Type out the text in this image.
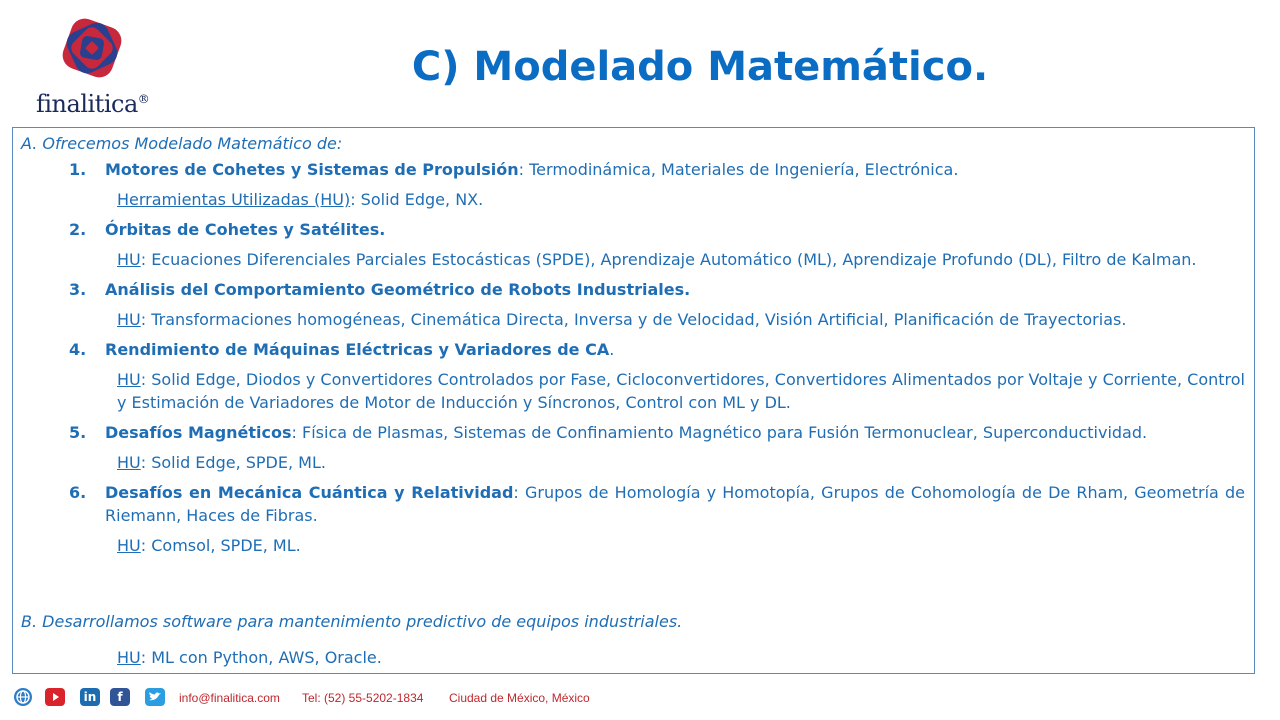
finalitica®
C) Modelado Matemático.
A. Ofrecemos Modelado Matemático de:
1. Motores de Cohetes y Sistemas de Propulsión: Termodinámica, Materiales de Ingeniería, Electrónica.
Herramientas Utilizadas (HU): Solid Edge, NX.
2. Órbitas de Cohetes y Satélites.
HU: Ecuaciones Diferenciales Parciales Estocásticas (SPDE), Aprendizaje Automático (ML), Aprendizaje Profundo (DL), Filtro de Kalman.
3. Análisis del Comportamiento Geométrico de Robots Industriales.
HU: Transformaciones homogéneas, Cinemática Directa, Inversa y de Velocidad, Visión Artificial, Planificación de Trayectorias.
4. Rendimiento de Máquinas Eléctricas y Variadores de CA.
HU: Solid Edge, Diodos y Convertidores Controlados por Fase, Cicloconvertidores, Convertidores Alimentados por Voltaje y Corriente, Control y Estimación de Variadores de Motor de Inducción y Síncronos, Control con ML y DL.
5. Desafíos Magnéticos: Física de Plasmas, Sistemas de Confinamiento Magnético para Fusión Termonuclear, Superconductividad.
HU: Solid Edge, SPDE, ML.
6. Desafíos en Mecánica Cuántica y Relatividad: Grupos de Homología y Homotopía, Grupos de Cohomología de De Rham, Geometría de Riemann, Haces de Fibras.
HU: Comsol, SPDE, ML.
B. Desarrollamos software para mantenimiento predictivo de equipos industriales.
HU: ML con Python, AWS, Oracle.
in	f	info@finalitica.com Tel: (52) 55-5202-1834 Ciudad de México, México
